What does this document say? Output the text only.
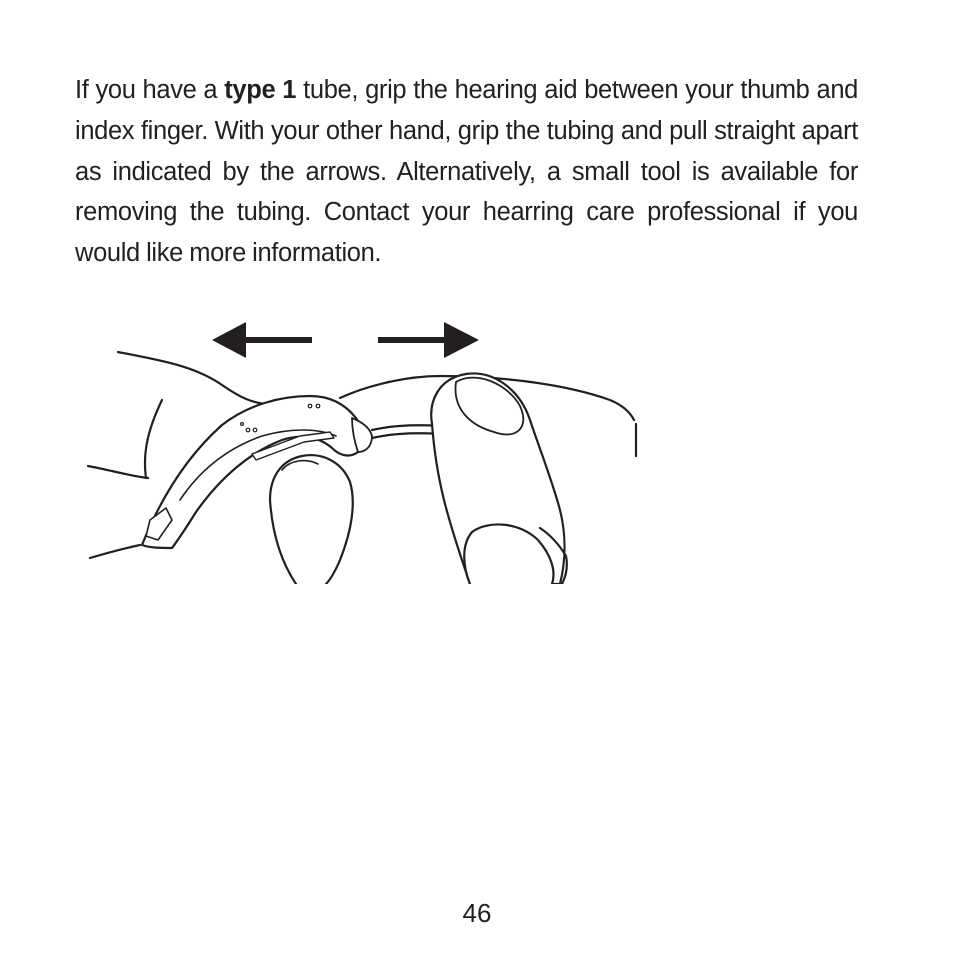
If you have a type 1 tube, grip the hearing aid between your thumb and index finger. With your other hand, grip the tubing and pull straight apart as indicated by the arrows. Alternatively, a small tool is available for removing the tubing. Contact your hearring care professional if you would like more information.

46
